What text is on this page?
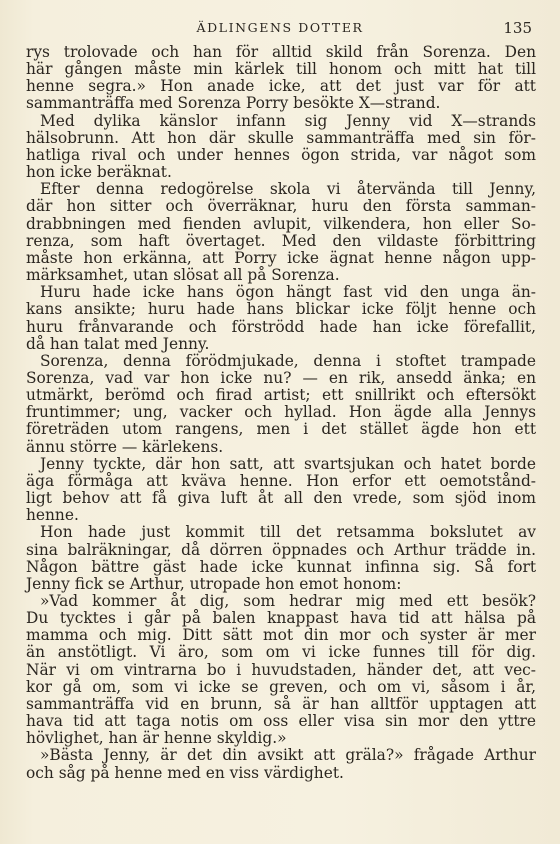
ÄDLINGENS DOTTER	135
rys trolovade och han för alltid skild från Sorenza. Den
här gången måste min kärlek till honom och mitt hat till
henne segra.» Hon anade icke, att det just var för att
sammanträffa med Sorenza Porry besökte X—strand.
Med dylika känslor infann sig Jenny vid X—strands
hälsobrunn. Att hon där skulle sammanträffa med sin för-
hatliga rival och under hennes ögon strida, var något som
hon icke beräknat.
Efter denna redogörelse skola vi återvända till Jenny,
där hon sitter och överräknar, huru den första samman-
drabbningen med fienden avlupit, vilkendera, hon eller So-
renza, som haft övertaget. Med den vildaste förbittring
måste hon erkänna, att Porry icke ägnat henne någon upp-
märksamhet, utan slösat all på Sorenza.
Huru hade icke hans ögon hängt fast vid den unga än-
kans ansikte; huru hade hans blickar icke följt henne och
huru frånvarande och förströdd hade han icke förefallit,
då han talat med Jenny.
Sorenza, denna förödmjukade, denna i stoftet trampade
Sorenza, vad var hon icke nu? — en rik, ansedd änka; en
utmärkt, berömd och firad artist; ett snillrikt och eftersökt
fruntimmer; ung, vacker och hyllad. Hon ägde alla Jennys
företräden utom rangens, men i det stället ägde hon ett
ännu större — kärlekens.
Jenny tyckte, där hon satt, att svartsjukan och hatet borde
äga förmåga att kväva henne. Hon erfor ett oemotstånd-
ligt behov att få giva luft åt all den vrede, som sjöd inom
henne.
Hon hade just kommit till det retsamma bokslutet av
sina balräkningar, då dörren öppnades och Arthur trädde in.
Någon bättre gäst hade icke kunnat infinna sig. Så fort
Jenny fick se Arthur, utropade hon emot honom:
»Vad kommer åt dig, som hedrar mig med ett besök?
Du tycktes i går på balen knappast hava tid att hälsa på
mamma och mig. Ditt sätt mot din mor och syster är mer
än anstötligt. Vi äro, som om vi icke funnes till för dig.
När vi om vintrarna bo i huvudstaden, händer det, att vec-
kor gå om, som vi icke se greven, och om vi, såsom i år,
sammanträffa vid en brunn, så är han alltför upptagen att
hava tid att taga notis om oss eller visa sin mor den yttre
hövlighet, han är henne skyldig.»
»Bästa Jenny, är det din avsikt att gräla?» frågade Arthur
och såg på henne med en viss värdighet.
